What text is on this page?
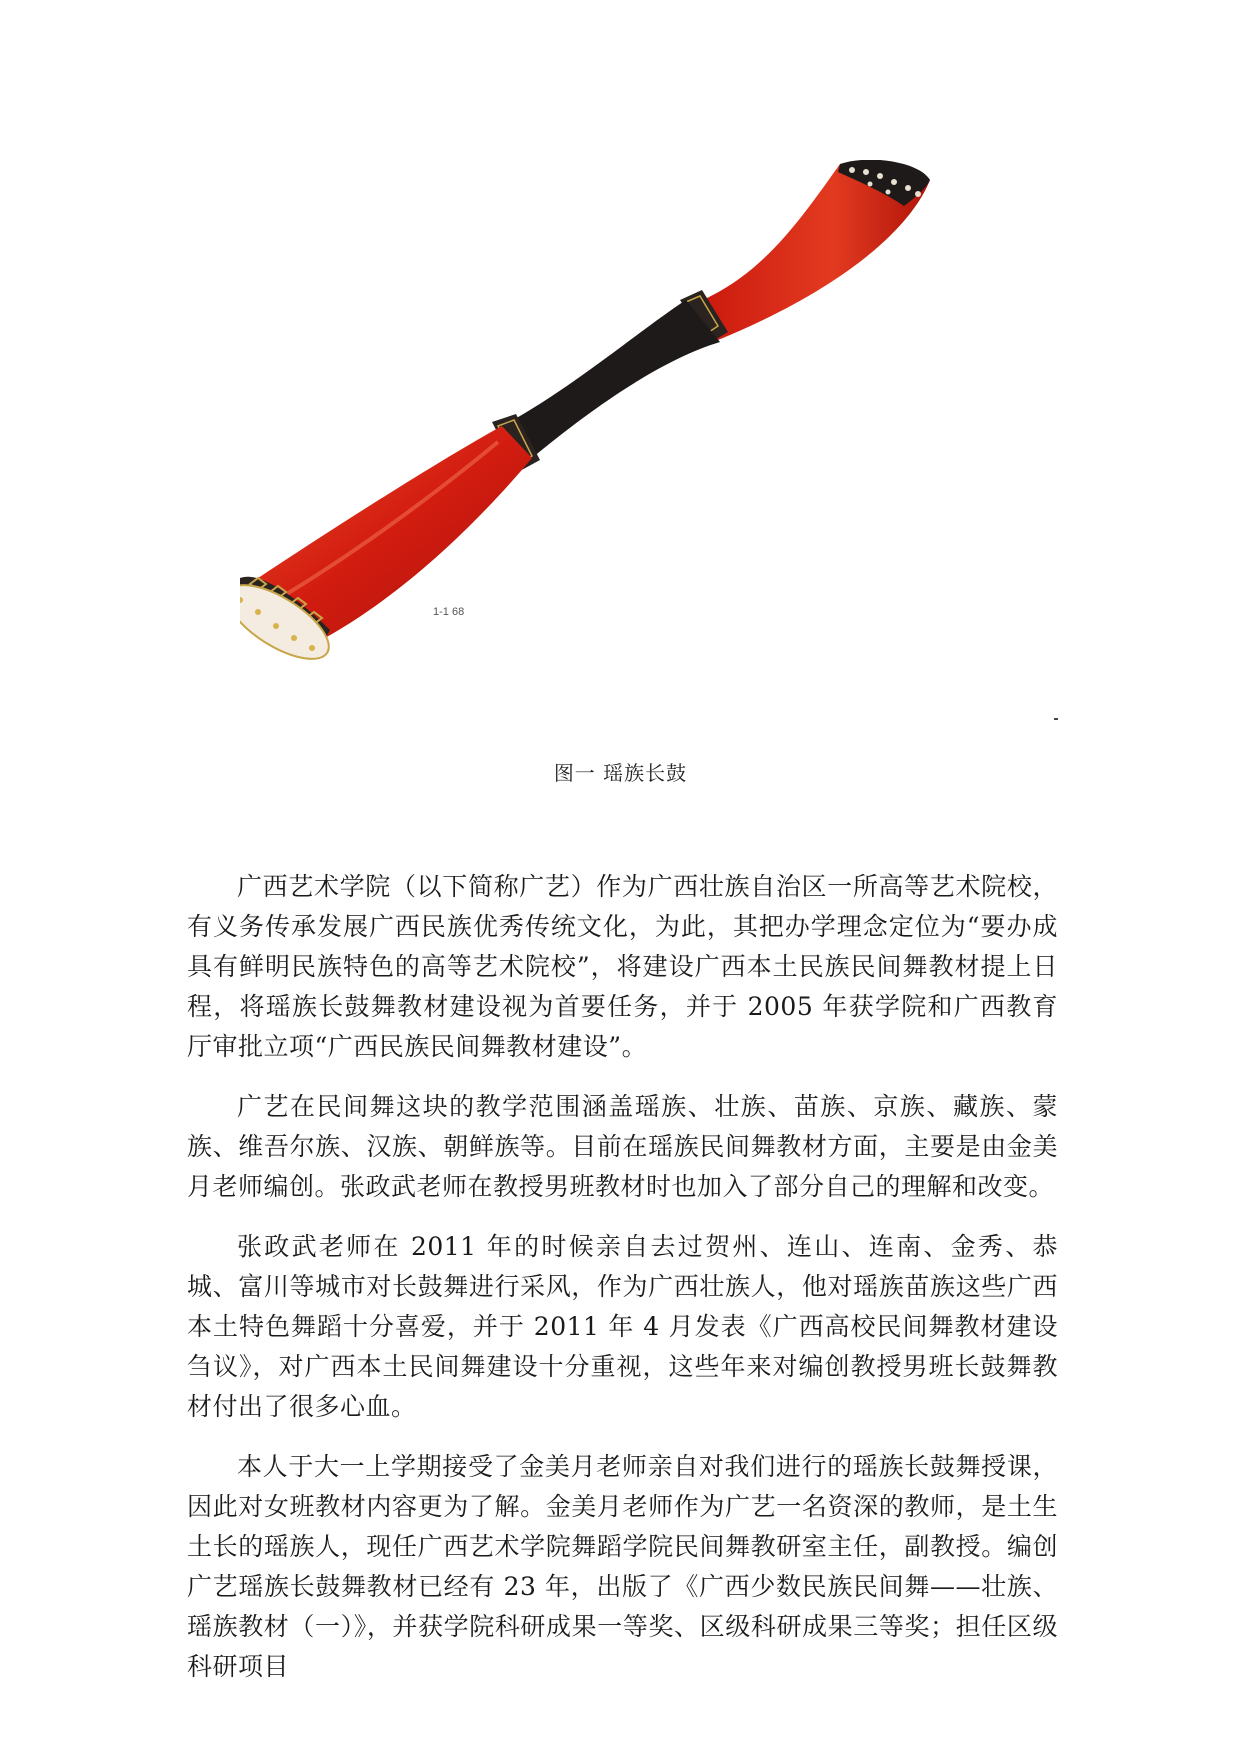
1-1 68
图一 瑶族长鼓

广西艺术学院（以下简称广艺）作为广西壮族自治区一所高等艺术院校，有义务传承发展广西民族优秀传统文化，为此，其把办学理念定位为“要办成具有鲜明民族特色的高等艺术院校”，将建设广西本土民族民间舞教材提上日程，将瑶族长鼓舞教材建设视为首要任务，并于 2005 年获学院和广西教育厅审批立项“广西民族民间舞教材建设”。

广艺在民间舞这块的教学范围涵盖瑶族、壮族、苗族、京族、藏族、蒙族、维吾尔族、汉族、朝鲜族等。目前在瑶族民间舞教材方面，主要是由金美月老师编创。张政武老师在教授男班教材时也加入了部分自己的理解和改变。

张政武老师在 2011 年的时候亲自去过贺州、连山、连南、金秀、恭城、富川等城市对长鼓舞进行采风，作为广西壮族人，他对瑶族苗族这些广西本土特色舞蹈十分喜爱，并于 2011 年 4 月发表《广西高校民间舞教材建设刍议》，对广西本土民间舞建设十分重视，这些年来对编创教授男班长鼓舞教材付出了很多心血。

本人于大一上学期接受了金美月老师亲自对我们进行的瑶族长鼓舞授课，因此对女班教材内容更为了解。金美月老师作为广艺一名资深的教师，是土生土长的瑶族人，现任广西艺术学院舞蹈学院民间舞教研室主任，副教授。编创广艺瑶族长鼓舞教材已经有 23 年，出版了《广西少数民族民间舞——壮族、瑶族教材（一）》，并获学院科研成果一等奖、区级科研成果三等奖；担任区级科研项目
